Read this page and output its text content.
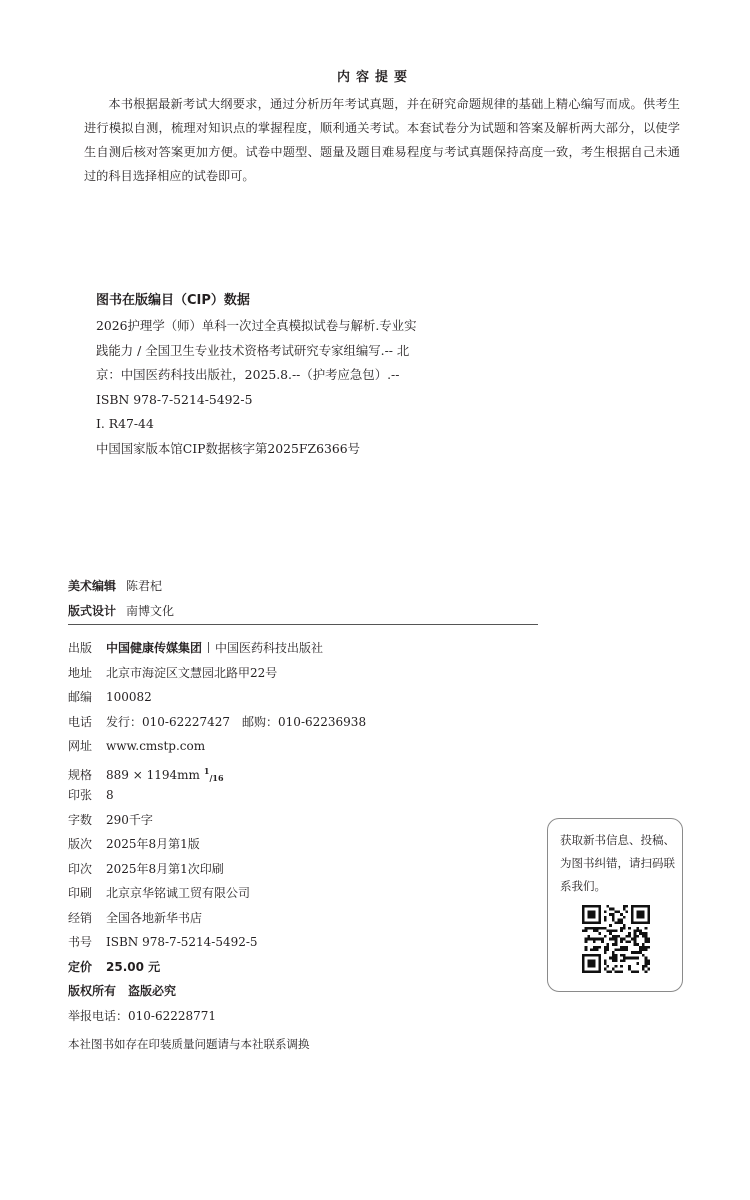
内容提要
本书根据最新考试大纲要求，通过分析历年考试真题，并在研究命题规律的基础上精心编写而成。供考生进行模拟自测，梳理对知识点的掌握程度，顺利通关考试。本套试卷分为试题和答案及解析两大部分，以使学生自测后核对答案更加方便。试卷中题型、题量及题目难易程度与考试真题保持高度一致，考生根据自己未通过的科目选择相应的试卷即可。
图书在版编目（CIP）数据
2026护理学（师）单科一次过全真模拟试卷与解析.专业实践能力 / 全国卫生专业技术资格考试研究专家组编写.-- 北京：中国医药科技出版社，2025.8.--（护考应急包）.-- ISBN 978-7-5214-5492-5
Ⅰ. R47-44
中国国家版本馆CIP数据核字第2025FZ6366号
美术编辑 陈君杞
版式设计 南博文化
出版 中国健康传媒集团 中国医药科技出版社
地址 北京市海淀区文慧园北路甲22号
邮编 100082
电话 发行：010-62227427　邮购：010-62236938
网址 www.cmstp.com
规格 889 × 1194mm $^1_{/16}$
印张 8
字数 290千字
版次 2025年8月第1版
印次 2025年8月第1次印刷
印刷 北京京华铭诚工贸有限公司
经销 全国各地新华书店
书号 ISBN 978-7-5214-5492-5
定价 25.00 元
版权所有　盗版必究
举报电话：010-62228771
本社图书如存在印装质量问题请与本社联系调换
获取新书信息、投稿、为图书纠错，请扫码联系我们。
